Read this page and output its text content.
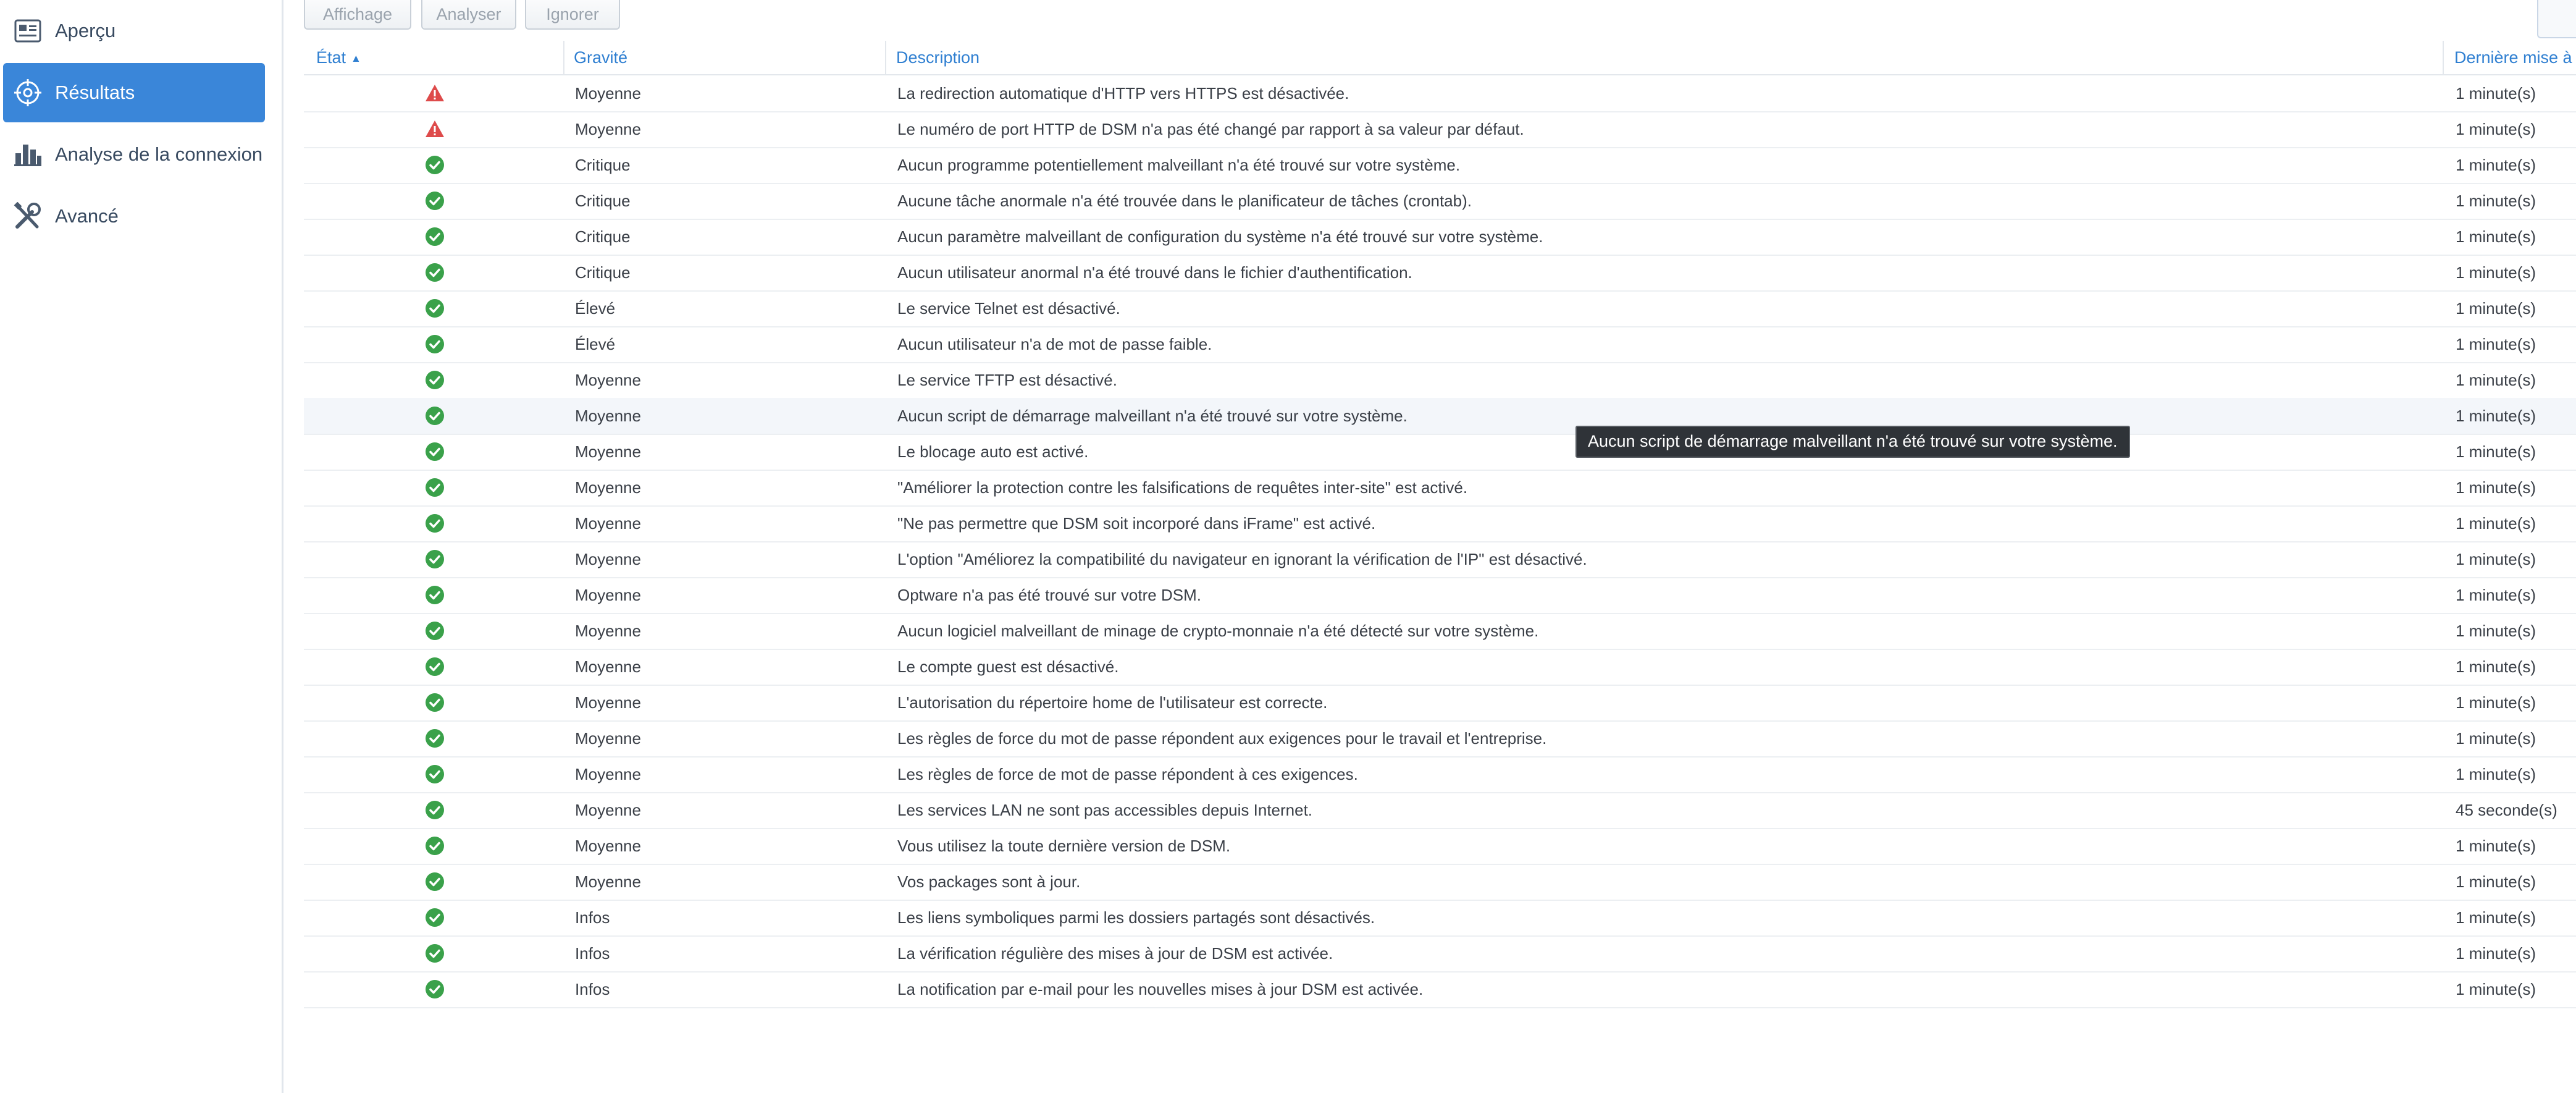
Aperçu
Résultats
Analyse de la connexion
Avancé
Affichage	Analyser	Ignorer
État ▲	Gravité	Description	Dernière mise à
Moyenne	La redirection automatique d'HTTP vers HTTPS est désactivée.	1 minute(s)
Moyenne	Le numéro de port HTTP de DSM n'a pas été changé par rapport à sa valeur par défaut.	1 minute(s)
Critique	Aucun programme potentiellement malveillant n'a été trouvé sur votre système.	1 minute(s)
Critique	Aucune tâche anormale n'a été trouvée dans le planificateur de tâches (crontab).	1 minute(s)
Critique	Aucun paramètre malveillant de configuration du système n'a été trouvé sur votre système.	1 minute(s)
Critique	Aucun utilisateur anormal n'a été trouvé dans le fichier d'authentification.	1 minute(s)
Élevé	Le service Telnet est désactivé.	1 minute(s)
Élevé	Aucun utilisateur n'a de mot de passe faible.	1 minute(s)
Moyenne	Le service TFTP est désactivé.	1 minute(s)
Moyenne	Aucun script de démarrage malveillant n'a été trouvé sur votre système.	1 minute(s)
Moyenne	Le blocage auto est activé.	1 minute(s)
Moyenne	"Améliorer la protection contre les falsifications de requêtes inter-site" est activé.	1 minute(s)
Moyenne	"Ne pas permettre que DSM soit incorporé dans iFrame" est activé.	1 minute(s)
Moyenne	L'option "Améliorez la compatibilité du navigateur en ignorant la vérification de l'IP" est désactivé.	1 minute(s)
Moyenne	Optware n'a pas été trouvé sur votre DSM.	1 minute(s)
Moyenne	Aucun logiciel malveillant de minage de crypto-monnaie n'a été détecté sur votre système.	1 minute(s)
Moyenne	Le compte guest est désactivé.	1 minute(s)
Moyenne	L'autorisation du répertoire home de l'utilisateur est correcte.	1 minute(s)
Moyenne	Les règles de force du mot de passe répondent aux exigences pour le travail et l'entreprise.	1 minute(s)
Moyenne	Les règles de force de mot de passe répondent à ces exigences.	1 minute(s)
Moyenne	Les services LAN ne sont pas accessibles depuis Internet.	45 seconde(s)
Moyenne	Vous utilisez la toute dernière version de DSM.	1 minute(s)
Moyenne	Vos packages sont à jour.	1 minute(s)
Infos	Les liens symboliques parmi les dossiers partagés sont désactivés.	1 minute(s)
Infos	La vérification régulière des mises à jour de DSM est activée.	1 minute(s)
Infos	La notification par e-mail pour les nouvelles mises à jour DSM est activée.	1 minute(s)
Aucun script de démarrage malveillant n'a été trouvé sur votre système.
